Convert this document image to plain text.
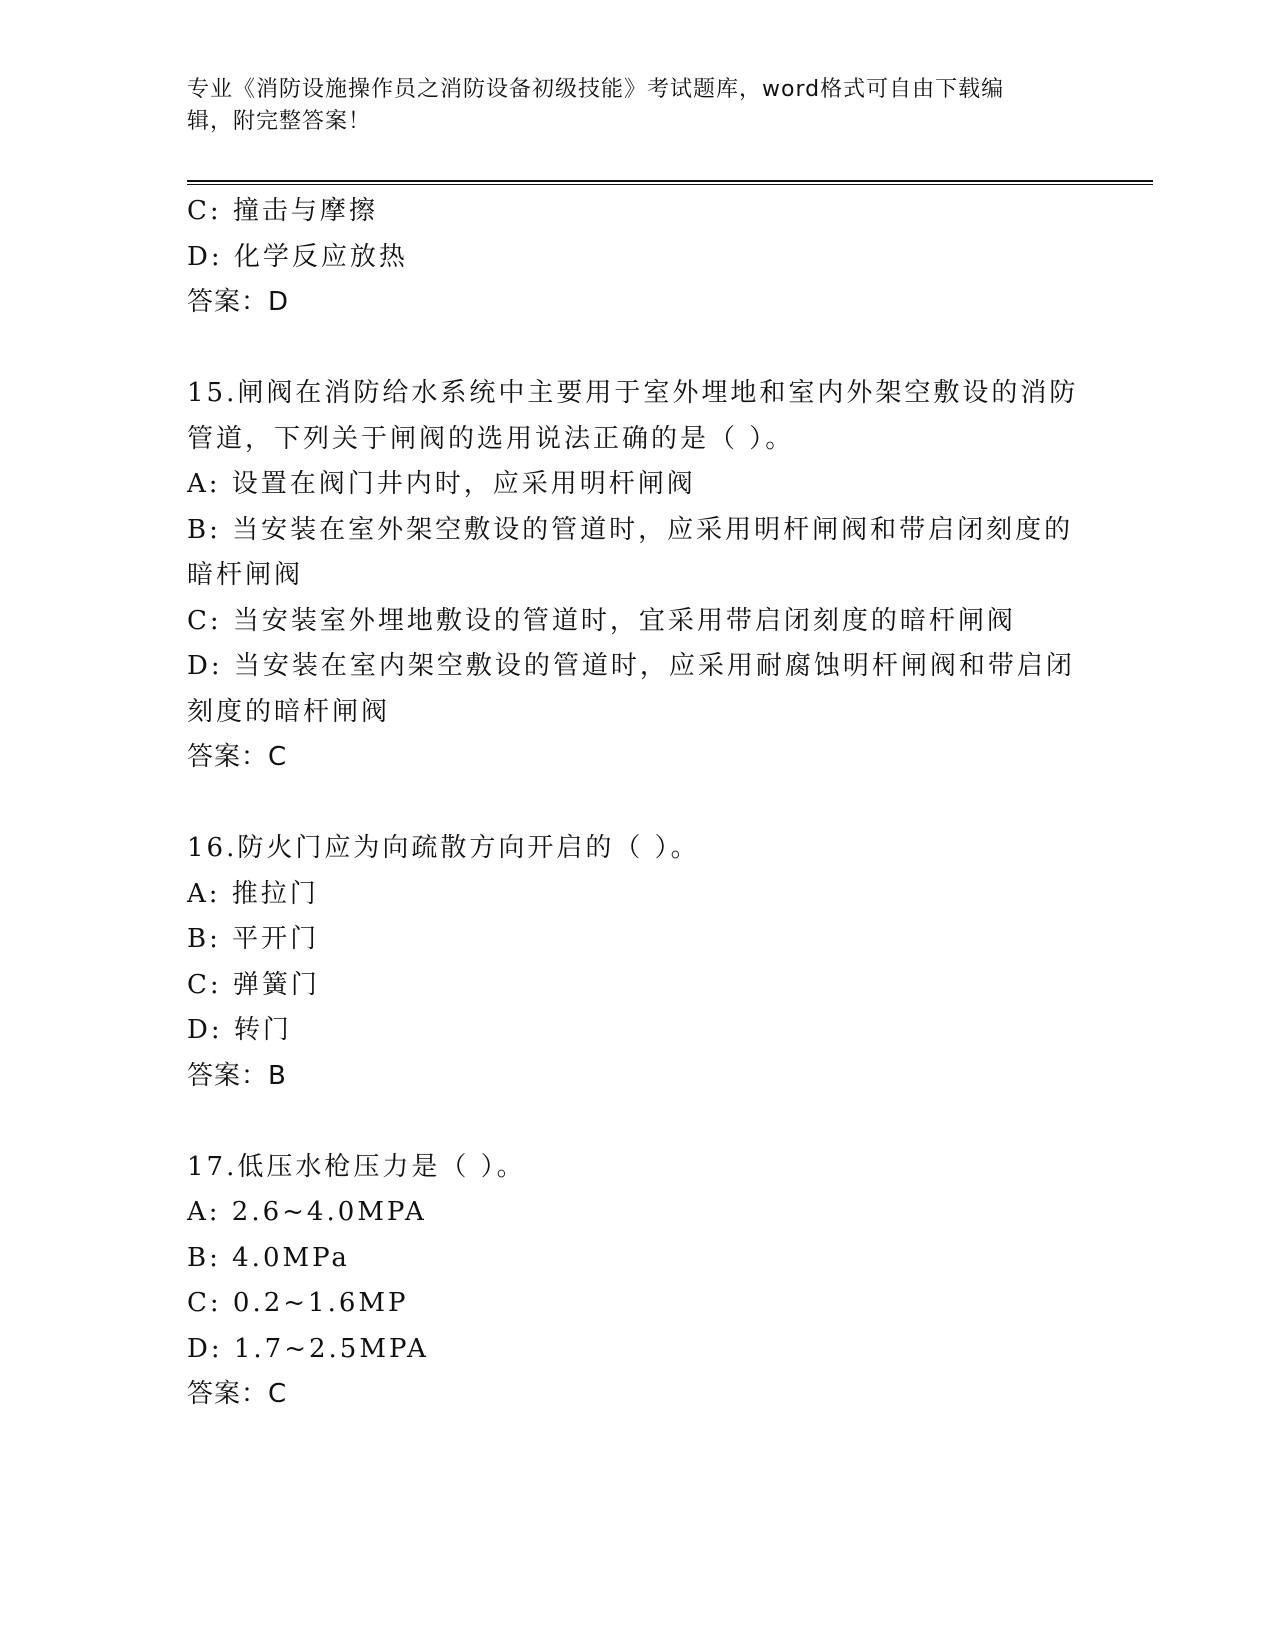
专业《消防设施操作员之消防设备初级技能》考试题库，word格式可自由下载编
辑，附完整答案！
C: 撞击与摩擦
D: 化学反应放热
答案：D
15.闸阀在消防给水系统中主要用于室外埋地和室内外架空敷设的消防
管道，下列关于闸阀的选用说法正确的是（ ）。
A: 设置在阀门井内时，应采用明杆闸阀
B: 当安装在室外架空敷设的管道时，应采用明杆闸阀和带启闭刻度的
暗杆闸阀
C: 当安装室外埋地敷设的管道时，宜采用带启闭刻度的暗杆闸阀
D: 当安装在室内架空敷设的管道时，应采用耐腐蚀明杆闸阀和带启闭
刻度的暗杆闸阀
答案：C
16.防火门应为向疏散方向开启的（ ）。
A: 推拉门
B: 平开门
C: 弹簧门
D: 转门
答案：B
17.低压水枪压力是（ ）。
A: 2.6~4.0MPA
B: 4.0MPa
C: 0.2~1.6MP
D: 1.7~2.5MPA
答案：C
